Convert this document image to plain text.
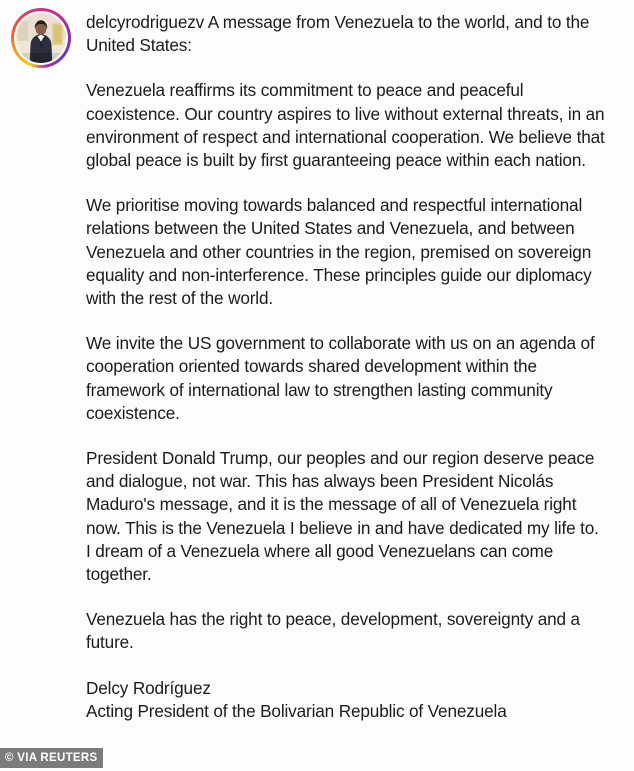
delcyrodriguezv A message from Venezuela to the world, and to the United States:

Venezuela reaffirms its commitment to peace and peaceful coexistence. Our country aspires to live without external threats, in an environment of respect and international cooperation. We believe that global peace is built by first guaranteeing peace within each nation.

We prioritise moving towards balanced and respectful international relations between the United States and Venezuela, and between Venezuela and other countries in the region, premised on sovereign equality and non-interference. These principles guide our diplomacy with the rest of the world.

We invite the US government to collaborate with us on an agenda of cooperation oriented towards shared development within the framework of international law to strengthen lasting community coexistence.

President Donald Trump, our peoples and our region deserve peace and dialogue, not war. This has always been President Nicolás Maduro's message, and it is the message of all of Venezuela right now. This is the Venezuela I believe in and have dedicated my life to. I dream of a Venezuela where all good Venezuelans can come together.

Venezuela has the right to peace, development, sovereignty and a future.

Delcy Rodríguez

Acting President of the Bolivarian Republic of Venezuela

© VIA REUTERS
